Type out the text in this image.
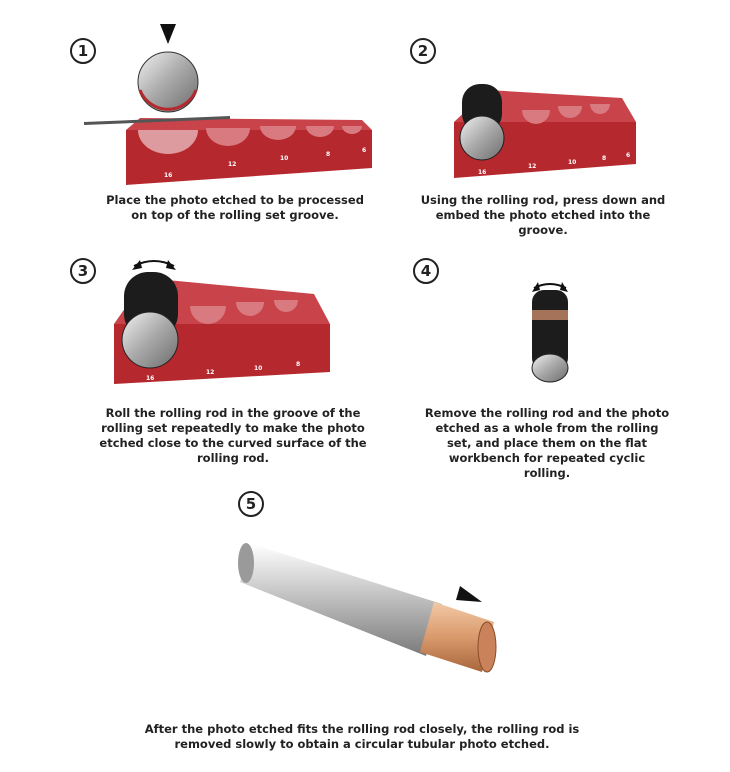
1
16
12
10
8
6
Place the photo etched to be processed on top of the rolling set groove.
2
16
12
10
8	6
Using the rolling rod, press down and embed the photo etched into the groove.
3
16
12
10
8
Roll the rolling rod in the groove of the rolling set repeatedly to make the photo etched close to the curved surface of the rolling rod.
4
Remove the rolling rod and the photo etched as a whole from the rolling set, and place them on the flat workbench for repeated cyclic rolling.
5
After the photo etched fits the rolling rod closely, the rolling rod is removed slowly to obtain a circular tubular photo etched.
